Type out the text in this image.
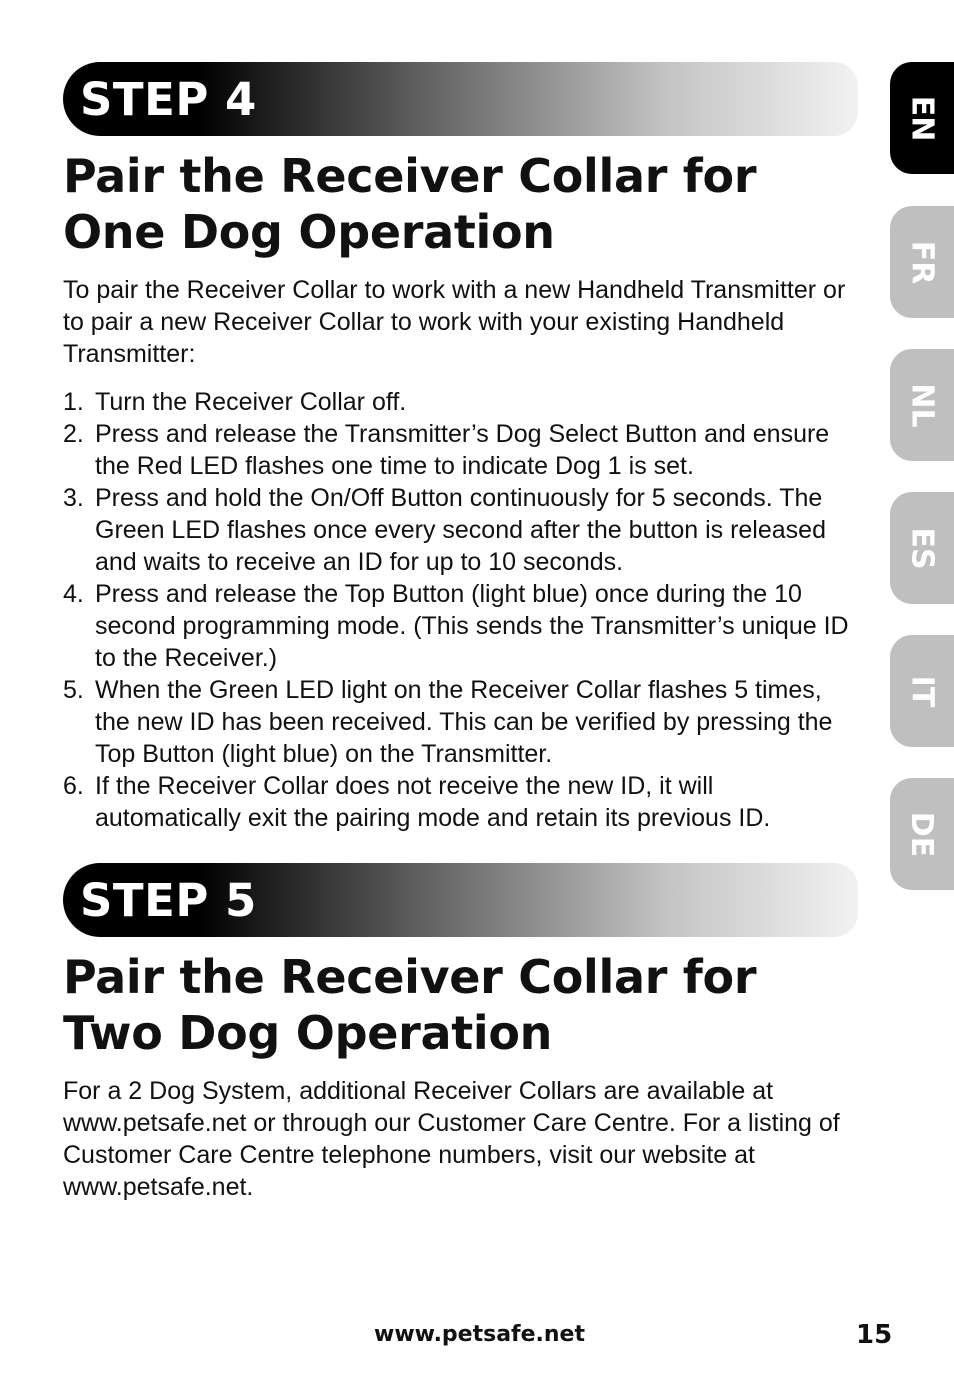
STEP 4
Pair the Receiver Collar for One Dog Operation

To pair the Receiver Collar to work with a new Handheld Transmitter or to pair a new Receiver Collar to work with your existing Handheld Transmitter:

1. Turn the Receiver Collar off.
2. Press and release the Transmitter’s Dog Select Button and ensure the Red LED flashes one time to indicate Dog 1 is set.
3. Press and hold the On/Off Button continuously for 5 seconds. The Green LED flashes once every second after the button is released and waits to receive an ID for up to 10 seconds.
4. Press and release the Top Button (light blue) once during the 10 second programming mode. (This sends the Transmitter’s unique ID to the Receiver.)
5. When the Green LED light on the Receiver Collar flashes 5 times, the new ID has been received. This can be verified by pressing the Top Button (light blue) on the Transmitter.
6. If the Receiver Collar does not receive the new ID, it will automatically exit the pairing mode and retain its previous ID.
STEP 5
Pair the Receiver Collar for Two Dog Operation

For a 2 Dog System, additional Receiver Collars are available at www.petsafe.net or through our Customer Care Centre. For a listing of Customer Care Centre telephone numbers, visit our website at www.petsafe.net.

EN
FR
NL
ES
IT
DE
www.petsafe.net	15
